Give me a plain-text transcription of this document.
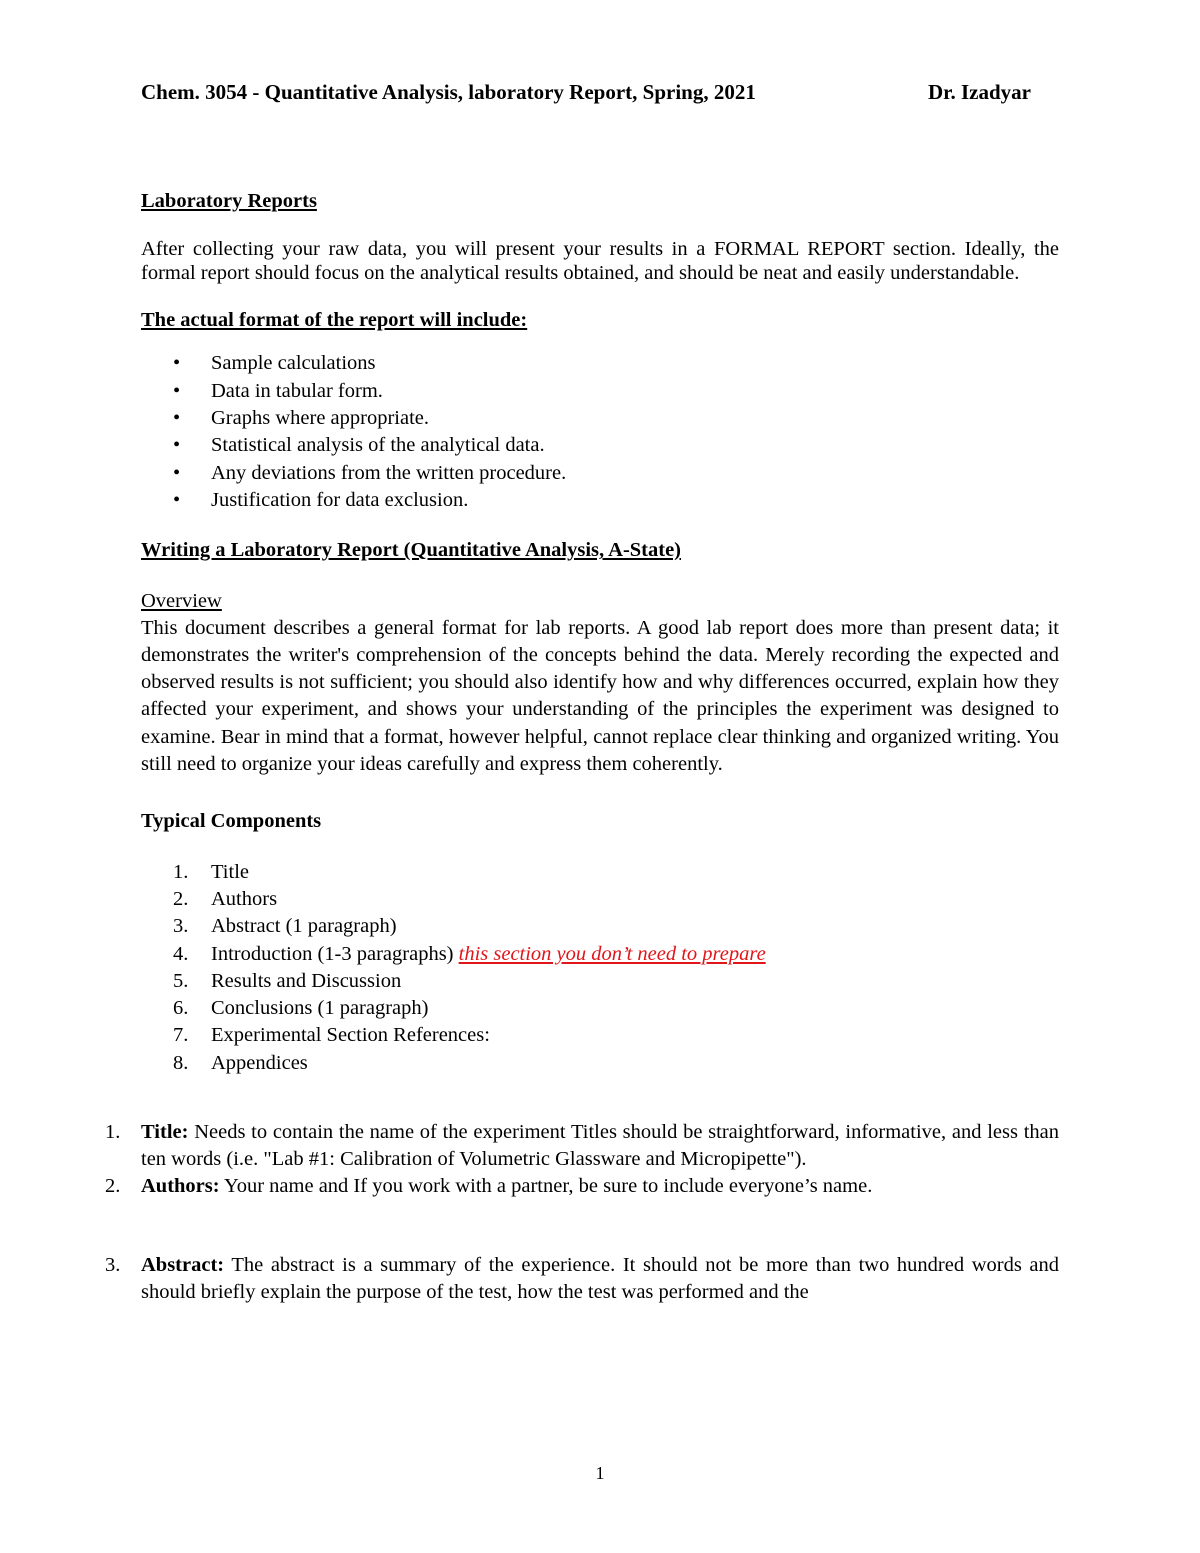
Chem. 3054 - Quantitative Analysis, laboratory Report, Spring, 2021	Dr. Izadyar

Laboratory Reports

After collecting your raw data, you will present your results in a FORMAL REPORT section. Ideally, the formal report should focus on the analytical results obtained, and should be neat and easily understandable.

The actual format of the report will include:

• Sample calculations
• Data in tabular form.
• Graphs where appropriate.
• Statistical analysis of the analytical data.
• Any deviations from the written procedure.
• Justification for data exclusion.

Writing a Laboratory Report (Quantitative Analysis, A-State)

Overview

This document describes a general format for lab reports. A good lab report does more than present data; it demonstrates the writer's comprehension of the concepts behind the data. Merely recording the expected and observed results is not sufficient; you should also identify how and why differences occurred, explain how they affected your experiment, and shows your understanding of the principles the experiment was designed to examine. Bear in mind that a format, however helpful, cannot replace clear thinking and organized writing. You still need to organize your ideas carefully and express them coherently.

Typical Components

1. Title
2. Authors
3. Abstract (1 paragraph)
4. Introduction (1-3 paragraphs) this section you don’t need to prepare
5. Results and Discussion
6. Conclusions (1 paragraph)
7. Experimental Section References:
8. Appendices
1. Title: Needs to contain the name of the experiment Titles should be straightforward, informative, and less than ten words (i.e. "Lab #1: Calibration of Volumetric Glassware and Micropipette").

2. Authors: Your name and If you work with a partner, be sure to include everyone’s name.

3. Abstract: The abstract is a summary of the experience. It should not be more than two hundred words and should briefly explain the purpose of the test, how the test was performed and the

1
